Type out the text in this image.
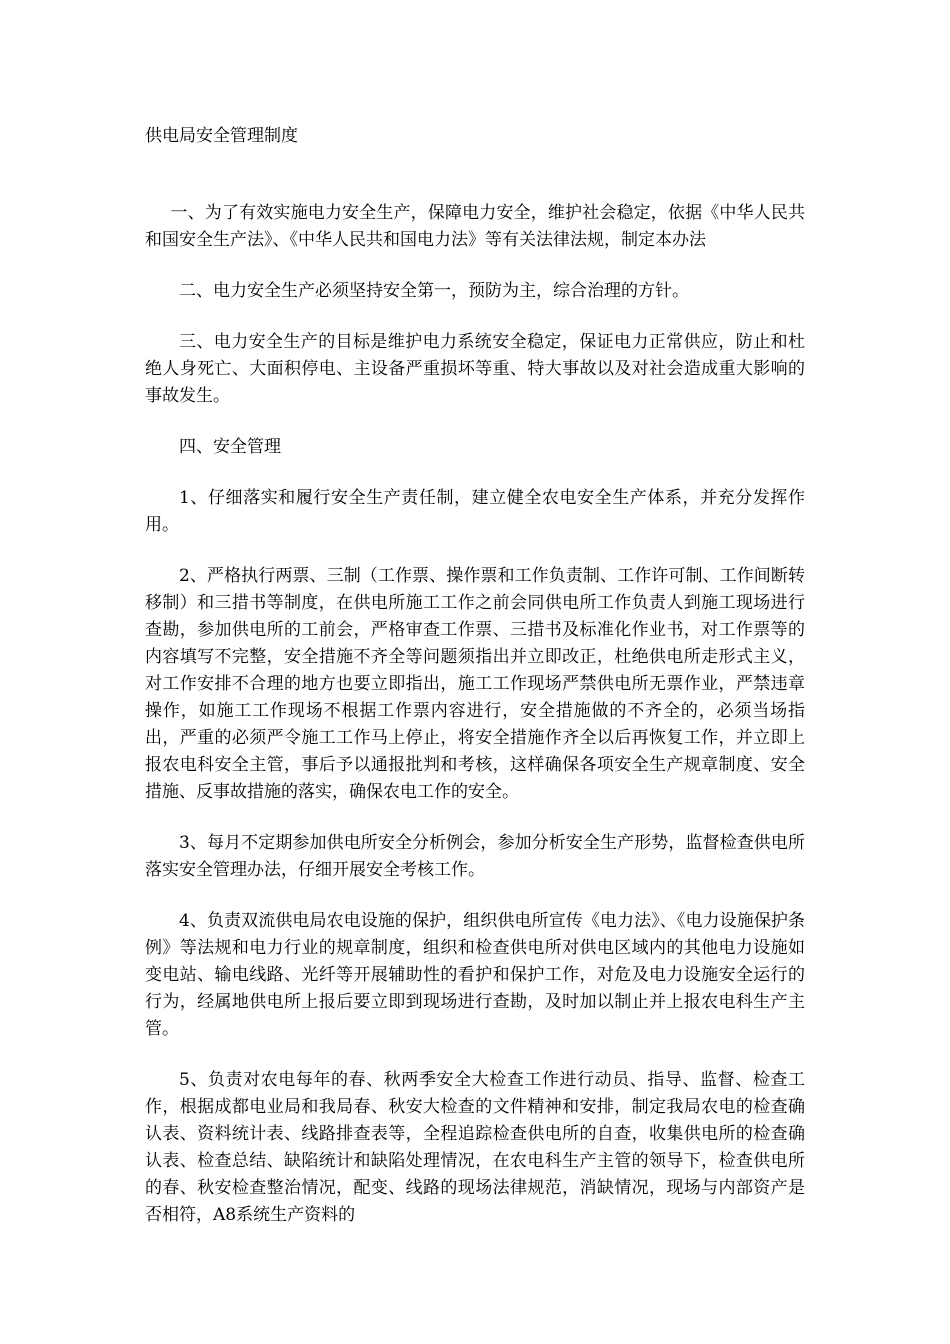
供电局安全管理制度

一、为了有效实施电力安全生产，保障电力安全，维护社会稳定，依据《中华人民共和国安全生产法》、《中华人民共和国电力法》等有关法律法规，制定本办法

二、电力安全生产必须坚持安全第一，预防为主，综合治理的方针。

三、电力安全生产的目标是维护电力系统安全稳定，保证电力正常供应，防止和杜绝人身死亡、大面积停电、主设备严重损坏等重、特大事故以及对社会造成重大影响的事故发生。

四、安全管理

1、仔细落实和履行安全生产责任制，建立健全农电安全生产体系，并充分发挥作用。

2、严格执行两票、三制（工作票、操作票和工作负责制、工作许可制、工作间断转移制）和三措书等制度，在供电所施工工作之前会同供电所工作负责人到施工现场进行查勘，参加供电所的工前会，严格审查工作票、三措书及标准化作业书，对工作票等的内容填写不完整，安全措施不齐全等问题须指出并立即改正，杜绝供电所走形式主义，对工作安排不合理的地方也要立即指出，施工工作现场严禁供电所无票作业，严禁违章操作，如施工工作现场不根据工作票内容进行，安全措施做的不齐全的，必须当场指出，严重的必须严令施工工作马上停止，将安全措施作齐全以后再恢复工作，并立即上报农电科安全主管，事后予以通报批判和考核，这样确保各项安全生产规章制度、安全措施、反事故措施的落实，确保农电工作的安全。

3、每月不定期参加供电所安全分析例会，参加分析安全生产形势，监督检查供电所落实安全管理办法，仔细开展安全考核工作。

4、负责双流供电局农电设施的保护，组织供电所宣传《电力法》、《电力设施保护条例》等法规和电力行业的规章制度，组织和检查供电所对供电区域内的其他电力设施如变电站、输电线路、光纤等开展辅助性的看护和保护工作，对危及电力设施安全运行的行为，经属地供电所上报后要立即到现场进行查勘，及时加以制止并上报农电科生产主管。

5、负责对农电每年的春、秋两季安全大检查工作进行动员、指导、监督、检查工作，根据成都电业局和我局春、秋安大检查的文件精神和安排，制定我局农电的检查确认表、资料统计表、线路排查表等，全程追踪检查供电所的自查，收集供电所的检查确认表、检查总结、缺陷统计和缺陷处理情况，在农电科生产主管的领导下，检查供电所的春、秋安检查整治情况，配变、线路的现场法律规范，消缺情况，现场与内部资产是否相符，A8系统生产资料的
